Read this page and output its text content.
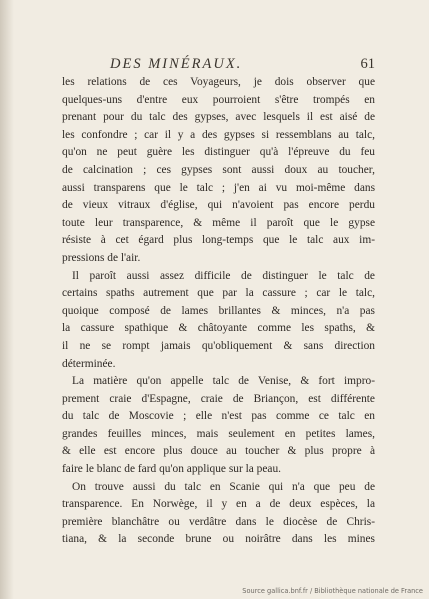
DES MINÉRAUX.	61

les relations de ces Voyageurs, je dois observer que
quelques-uns d'entre eux pourroient s'être trompés en
prenant pour du talc des gypses, avec lesquels il est aisé de
les confondre ; car il y a des gypses si ressemblans au talc,
qu'on ne peut guère les distinguer qu'à l'épreuve du feu
de calcination ; ces gypses sont aussi doux au toucher,
aussi transparens que le talc ; j'en ai vu moi-même dans
de vieux vitraux d'église, qui n'avoient pas encore perdu
toute leur transparence, & même il paroît que le gypse
résiste à cet égard plus long-temps que le talc aux im-
pressions de l'air.

Il paroît aussi assez difficile de distinguer le talc de
certains spaths autrement que par la cassure ; car le talc,
quoique composé de lames brillantes & minces, n'a pas
la cassure spathique & châtoyante comme les spaths, &
il ne se rompt jamais qu'obliquement & sans direction
déterminée.

La matière qu'on appelle talc de Venise, & fort impro-
prement craie d'Espagne, craie de Briançon, est différente
du talc de Moscovie ; elle n'est pas comme ce talc en
grandes feuilles minces, mais seulement en petites lames,
& elle est encore plus douce au toucher & plus propre à
faire le blanc de fard qu'on applique sur la peau.

On trouve aussi du talc en Scanie qui n'a que peu de
transparence. En Norwège, il y en a de deux espèces, la
première blanchâtre ou verdâtre dans le diocèse de Chris-
tiana, & la seconde brune ou noirâtre dans les mines

Source gallica.bnf.fr / Bibliothèque nationale de France
